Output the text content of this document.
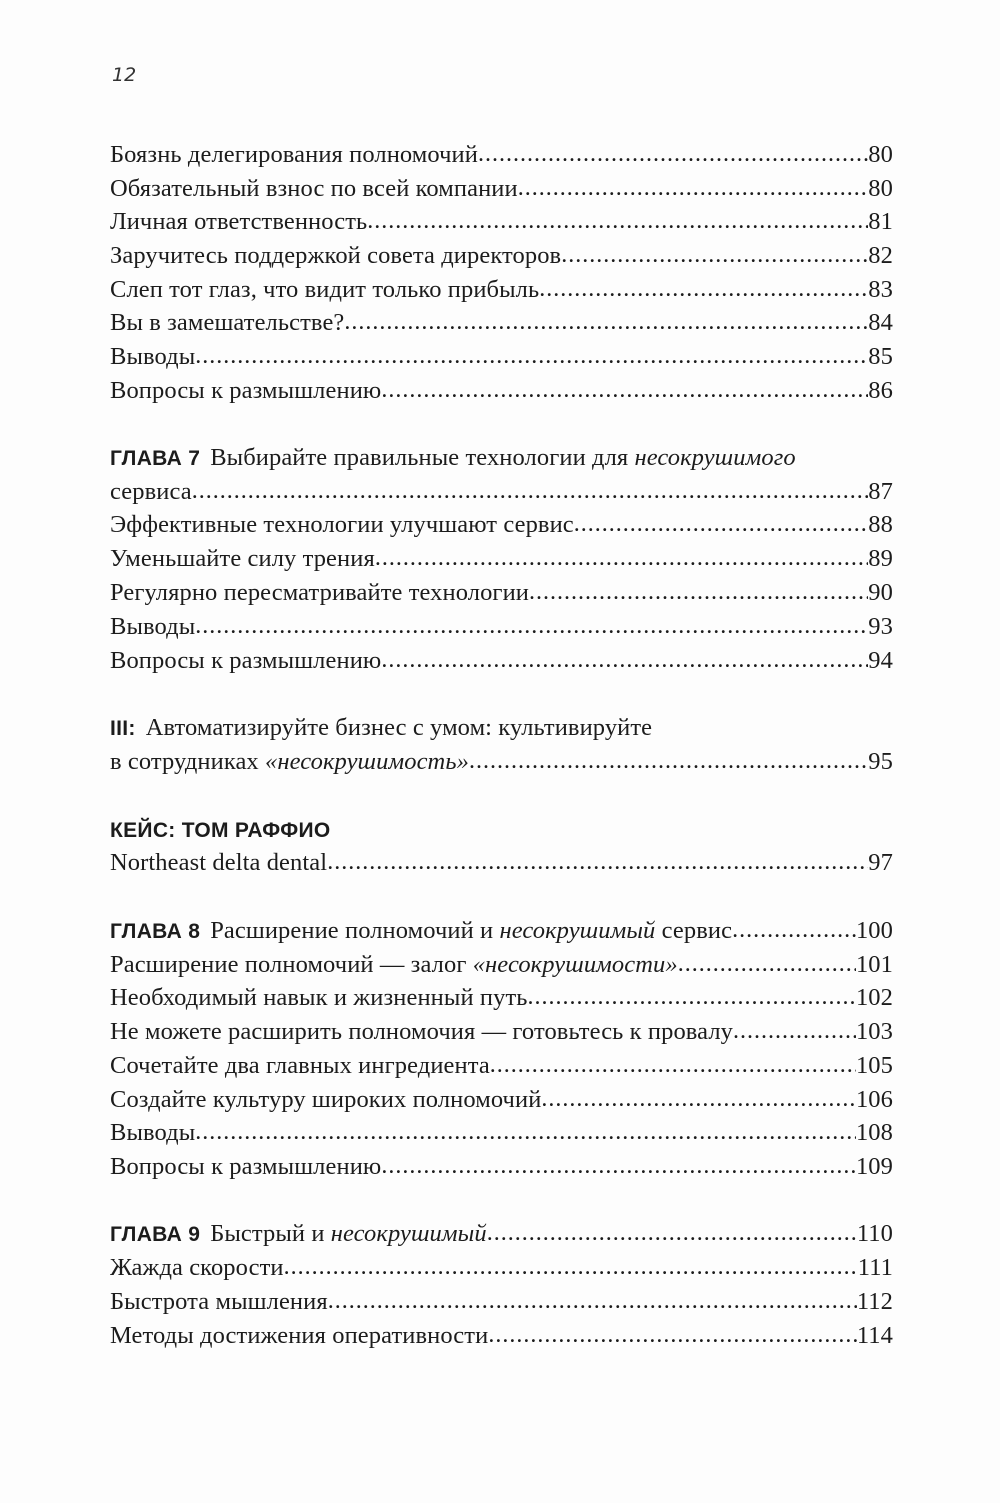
12
Боязнь делегирования полномочий .....	80
Обязательный взнос по всей компании .....	80
Личная ответственность .....	81
Заручитесь поддержкой совета директоров .....	82
Слеп тот глаз, что видит только прибыль .....	83
Вы в замешательстве? .....	84
Выводы .....	85
Вопросы к размышлению .....	86
ГЛАВА 7 Выбирайте правильные технологии для несокрушимого
сервиса .....	87
Эффективные технологии улучшают сервис .....	88
Уменьшайте силу трения .....	89
Регулярно пересматривайте технологии .....	90
Выводы .....	93
Вопросы к размышлению .....	94
III: Автоматизируйте бизнес с умом: культивируйте
в сотрудниках «несокрушимость» .....	95
КЕЙС: ТОМ РАФФИО
Northeast delta dental .....	97
ГЛАВА 8 Расширение полномочий и несокрушимый сервис .....	100
Расширение полномочий — залог «несокрушимости» .....	101
Необходимый навык и жизненный путь .....	102
Не можете расширить полномочия — готовьтесь к провалу .....	103
Сочетайте два главных ингредиента .....	105
Создайте культуру широких полномочий .....	106
Выводы .....	108
Вопросы к размышлению .....	109
ГЛАВА 9 Быстрый и несокрушимый .....	110
Жажда скорости .....	111
Быстрота мышления .....	112
Методы достижения оперативности .....	114
